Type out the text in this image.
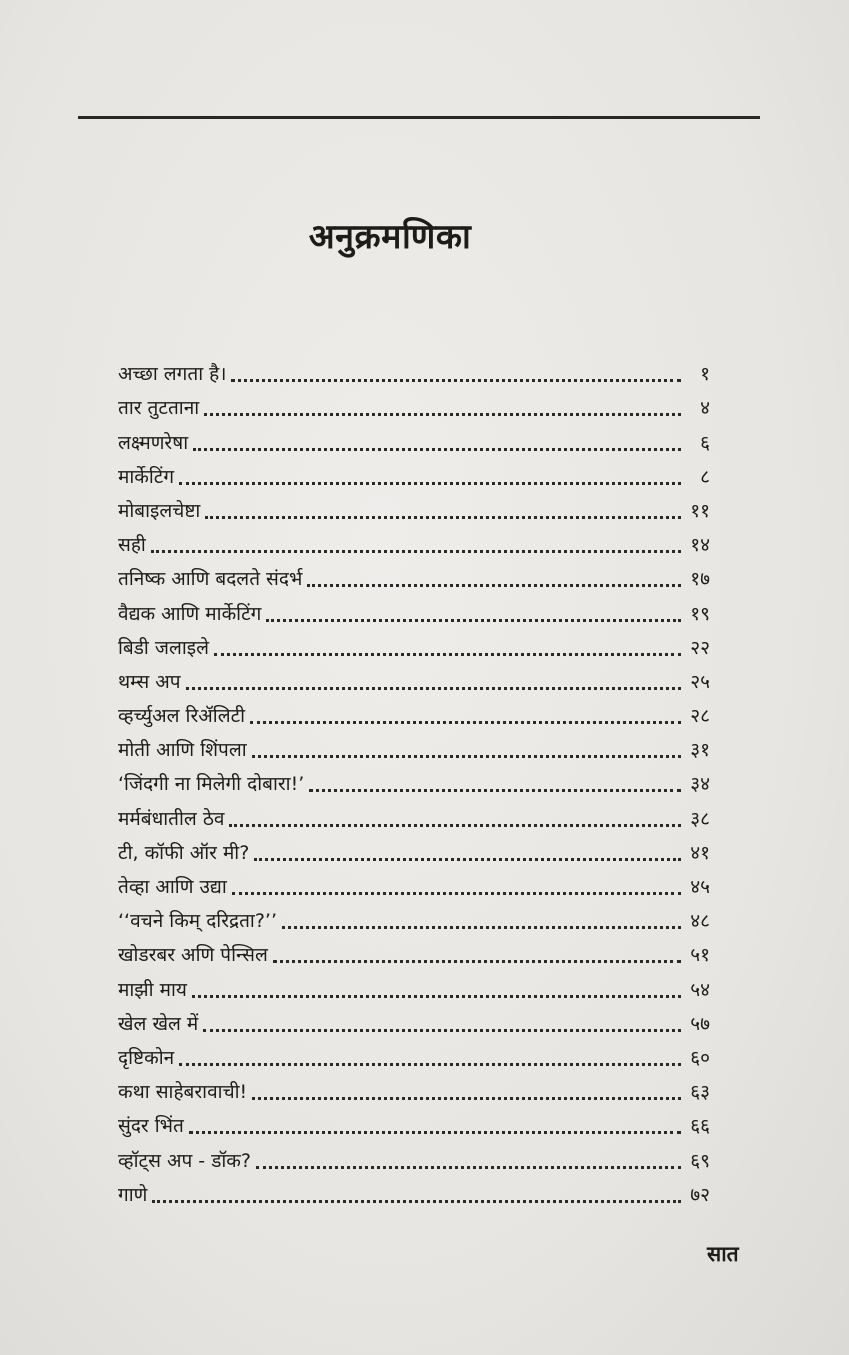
अनुक्रमणिका
अच्छा लगता है।	१
तार तुटताना	४
लक्ष्मणरेषा	६
मार्केटिंग	८
मोबाइलचेष्टा	११
सही	१४
तनिष्क आणि बदलते संदर्भ	१७
वैद्यक आणि मार्केटिंग	१९
बिडी जलाइले	२२
थम्स अप	२५
व्हर्च्युअल रिॲलिटी	२८
मोती आणि शिंपला	३१
‘जिंदगी ना मिलेगी दोबारा!’	३४
मर्मबंधातील ठेव	३८
टी, कॉफी ऑर मी?	४१
तेव्हा आणि उद्या	४५
‘‘वचने किम् दरिद्रता?’’	४८
खोडरबर अणि पेन्सिल	५१
माझी माय	५४
खेल खेल में	५७
दृष्टिकोन	६०
कथा साहेबरावाची!	६३
सुंदर भिंत	६६
व्हॉट्स अप - डॉक?	६९
गाणे	७२
सात
